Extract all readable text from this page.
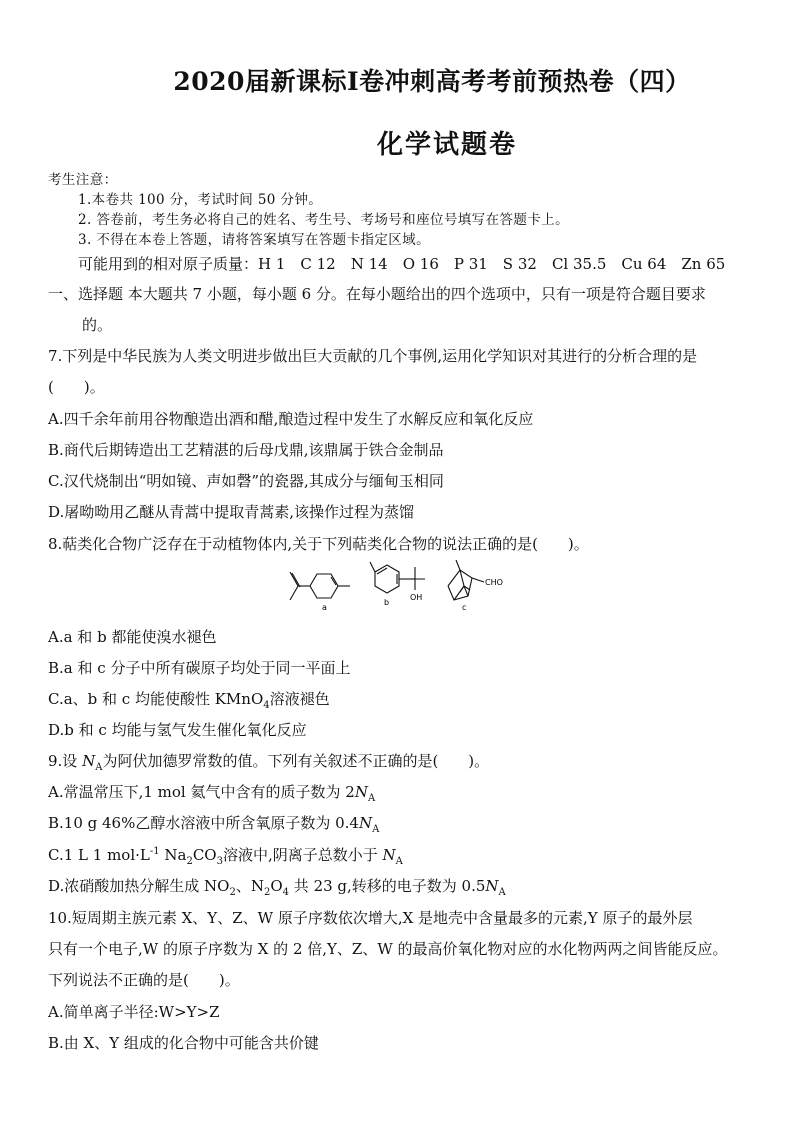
2020届新课标Ⅰ卷冲刺高考考前预热卷（四）
化学试题卷
考生注意：
1.本卷共 100 分，考试时间 50 分钟。
2. 答卷前，考生务必将自己的姓名、考生号、考场号和座位号填写在答题卡上。
3. 不得在本卷上答题，请将答案填写在答题卡指定区域。
可能用到的相对原子质量：H 1　C 12　N 14　O 16　P 31　S 32　Cl 35.5　Cu 64　Zn 65
一、选择题 本大题共 7 小题，每小题 6 分。在每小题给出的四个选项中，只有一项是符合题目要求
的。
7.下列是中华民族为人类文明进步做出巨大贡献的几个事例,运用化学知识对其进行的分析合理的是
(　　)。
A.四千余年前用谷物酿造出酒和醋,酿造过程中发生了水解反应和氧化反应
B.商代后期铸造出工艺精湛的后母戊鼎,该鼎属于铁合金制品
C.汉代烧制出“明如镜、声如磬”的瓷器,其成分与缅甸玉相同
D.屠呦呦用乙醚从青蒿中提取青蒿素,该操作过程为蒸馏
8.萜类化合物广泛存在于动植物体内,关于下列萜类化合物的说法正确的是(　　)。
a
b
OH
c
CHO
A.a 和 b 都能使溴水褪色
B.a 和 c 分子中所有碳原子均处于同一平面上
C.a、b 和 c 均能使酸性 KMnO$_4$溶液褪色
D.b 和 c 均能与氢气发生催化氧化反应
9.设 $N_A$为阿伏加德罗常数的值。下列有关叙述不正确的是(　　)。
A.常温常压下,1 mol 氦气中含有的质子数为 $2N_A$
B.10 g 46%乙醇水溶液中所含氧原子数为 $0.4N_A$
C.1 L 1 $mol\cdot L^{-1}$ $Na_2CO_3$溶液中,阴离子总数小于 $N_A$
D.浓硝酸加热分解生成 $NO_2$、$N_2O_4$ 共 23 g,转移的电子数为 $0.5N_A$
10.短周期主族元素 X、Y、Z、W 原子序数依次增大,X 是地壳中含量最多的元素,Y 原子的最外层
只有一个电子,W 的原子序数为 X 的 2 倍,Y、Z、W 的最高价氧化物对应的水化物两两之间皆能反应。
下列说法不正确的是(　　)。
A.简单离子半径:W>Y>Z
B.由 X、Y 组成的化合物中可能含共价键
